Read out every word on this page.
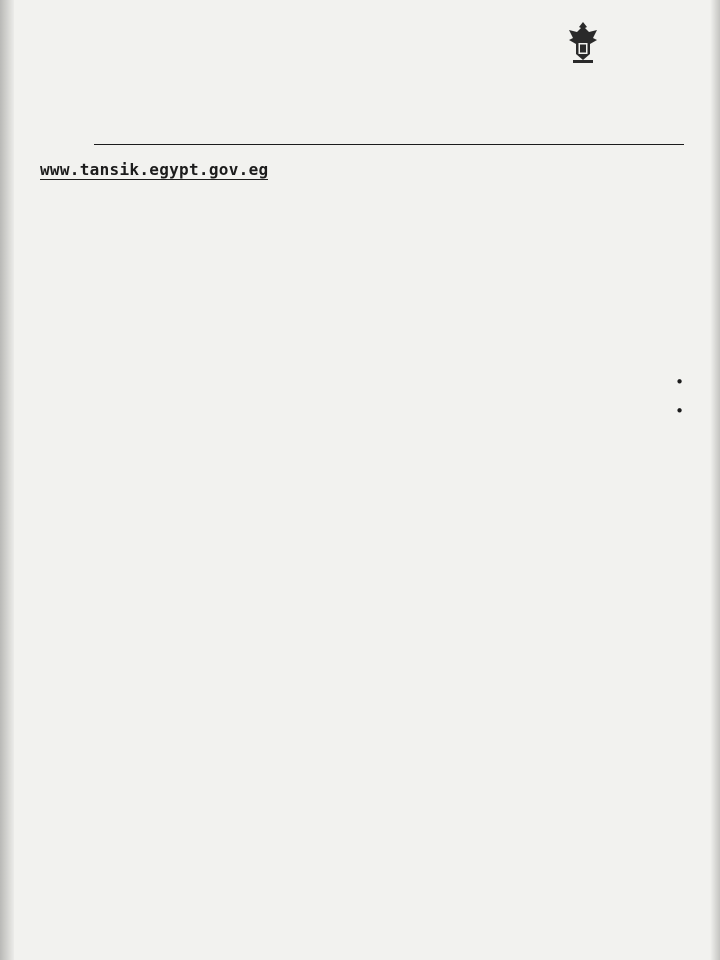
www.tansik.egypt.gov.eg

•

•
